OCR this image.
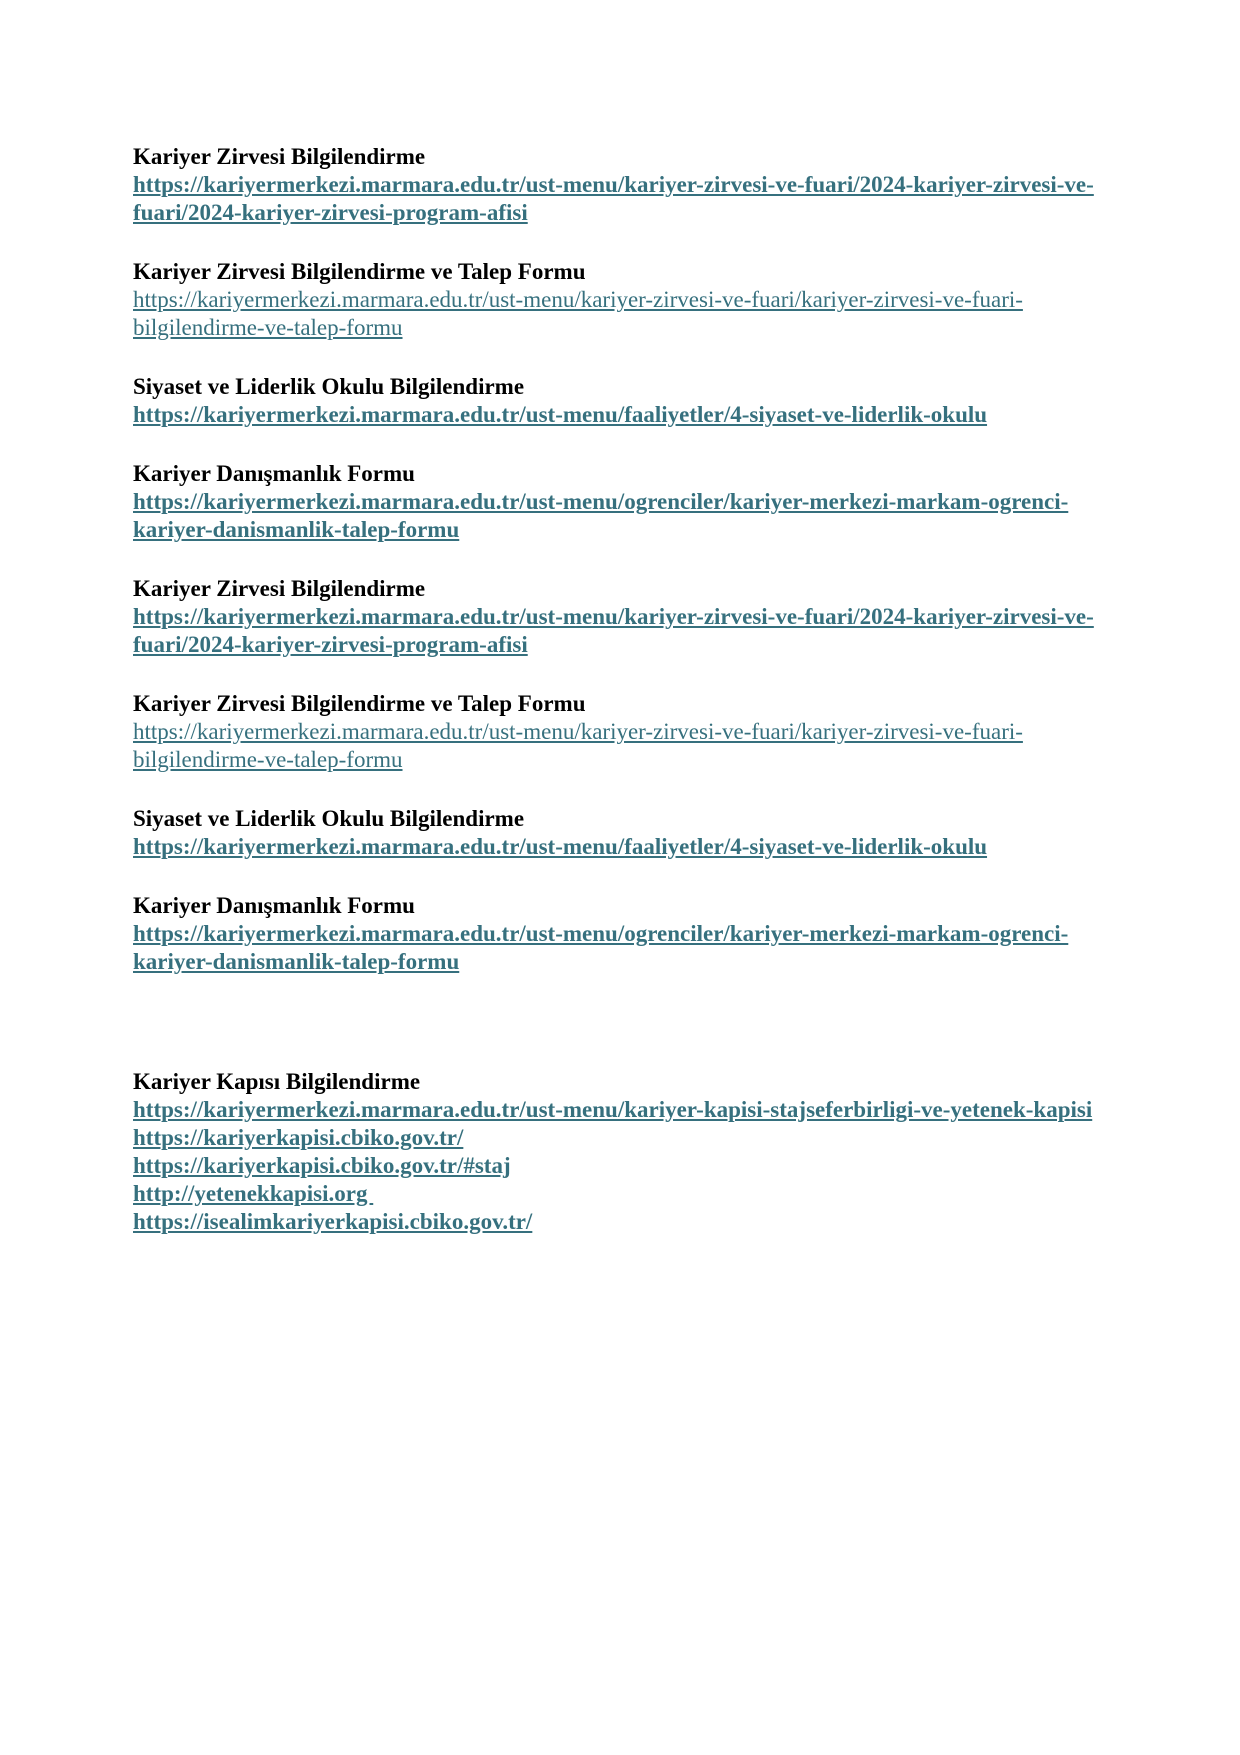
Kariyer Zirvesi Bilgilendirme
https://kariyermerkezi.marmara.edu.tr/ust-menu/kariyer-zirvesi-ve-fuari/2024-kariyer-zirvesi-ve-fuari/2024-kariyer-zirvesi-program-afisi
Kariyer Zirvesi Bilgilendirme ve Talep Formu
https://kariyermerkezi.marmara.edu.tr/ust-menu/kariyer-zirvesi-ve-fuari/kariyer-zirvesi-ve-fuari-bilgilendirme-ve-talep-formu
Siyaset ve Liderlik Okulu Bilgilendirme
https://kariyermerkezi.marmara.edu.tr/ust-menu/faaliyetler/4-siyaset-ve-liderlik-okulu
Kariyer Danışmanlık Formu
https://kariyermerkezi.marmara.edu.tr/ust-menu/ogrenciler/kariyer-merkezi-markam-ogrenci-kariyer-danismanlik-talep-formu
Kariyer Zirvesi Bilgilendirme
https://kariyermerkezi.marmara.edu.tr/ust-menu/kariyer-zirvesi-ve-fuari/2024-kariyer-zirvesi-ve-fuari/2024-kariyer-zirvesi-program-afisi
Kariyer Zirvesi Bilgilendirme ve Talep Formu
https://kariyermerkezi.marmara.edu.tr/ust-menu/kariyer-zirvesi-ve-fuari/kariyer-zirvesi-ve-fuari-bilgilendirme-ve-talep-formu
Siyaset ve Liderlik Okulu Bilgilendirme
https://kariyermerkezi.marmara.edu.tr/ust-menu/faaliyetler/4-siyaset-ve-liderlik-okulu
Kariyer Danışmanlık Formu
https://kariyermerkezi.marmara.edu.tr/ust-menu/ogrenciler/kariyer-merkezi-markam-ogrenci-kariyer-danismanlik-talep-formu
Kariyer Kapısı Bilgilendirme
https://kariyermerkezi.marmara.edu.tr/ust-menu/kariyer-kapisi-stajseferbirligi-ve-yetenek-kapisi
https://kariyerkapisi.cbiko.gov.tr/
https://kariyerkapisi.cbiko.gov.tr/#staj
http://yetenekkapisi.org
https://isealimkariyerkapisi.cbiko.gov.tr/
